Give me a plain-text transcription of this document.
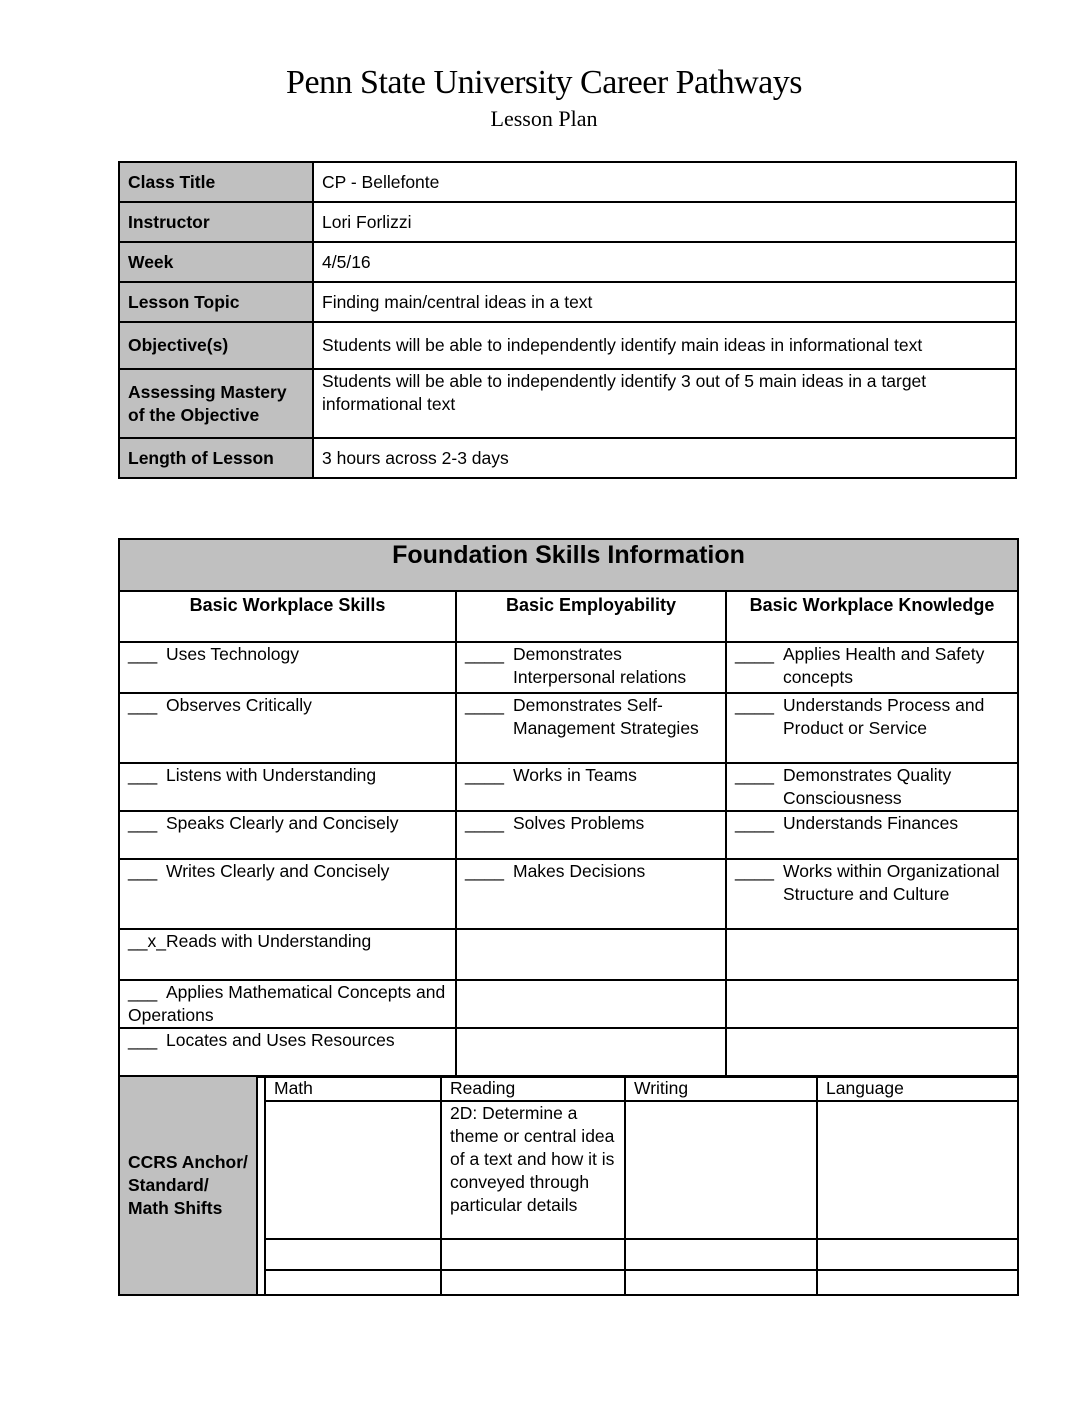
Penn State University Career Pathways
Lesson Plan
Class Title	CP - Bellefonte
Instructor	Lori Forlizzi
Week	4/5/16
Lesson Topic	Finding main/central ideas in a text
Objective(s)	Students will be able to independently identify main ideas in informational text
Assessing Mastery of the Objective	Students will be able to independently identify 3 out of 5 main ideas in a target informational text
Length of Lesson	3 hours across 2-3 days
Foundation Skills Information		
Basic Workplace Skills	Basic Employability	Basic Workplace Knowledge

___ Uses Technology	____ Demonstrates Interpersonal relations	____ Applies Health and Safety concepts

___ Observes Critically	____ Demonstrates Self-Management Strategies	____ Understands Process and Product or Service

___ Listens with Understanding	____ Works in Teams	____ Demonstrates Quality Consciousness

___ Speaks Clearly and Concisely	____ Solves Problems	____ Understands Finances

___ Writes Clearly and Concisely	____ Makes Decisions	____ Works within Organizational Structure and Culture

__x_ Reads with Understanding		

___ Applies Mathematical Concepts and Operations		

___ Locates and Uses Resources		

CCRS Anchor/ Standard/ Math Shifts		Math	Reading	Writing	Language
			2D: Determine a theme or central idea of a text and how it is conveyed through particular details		
